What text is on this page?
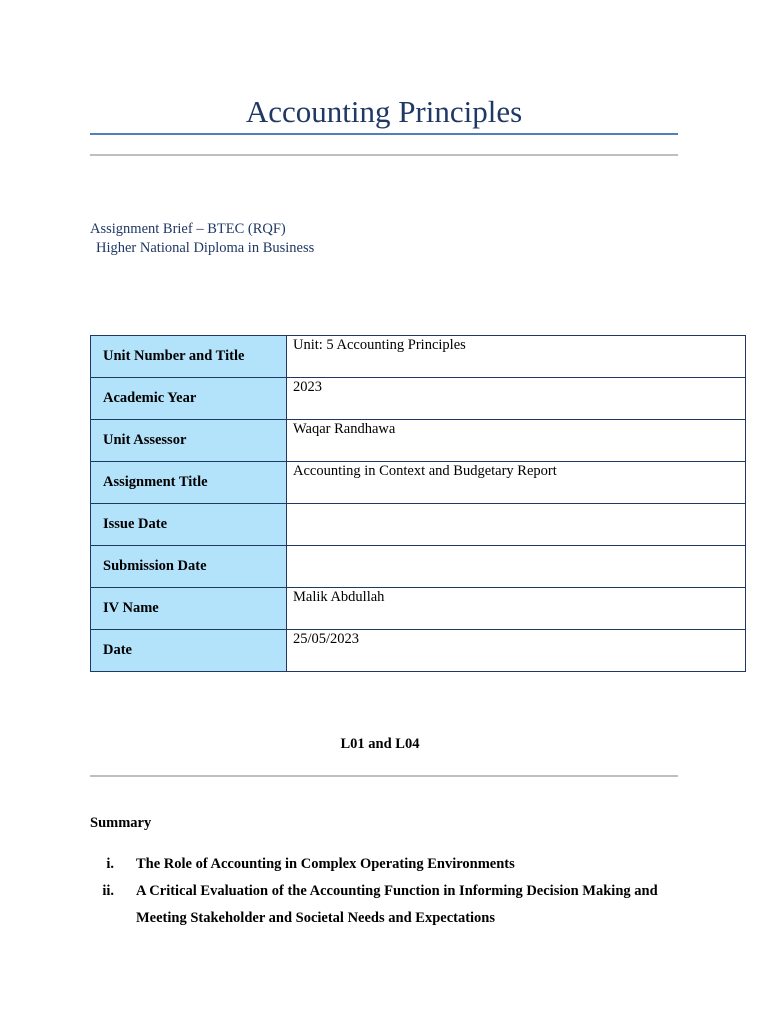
Accounting Principles
Assignment Brief – BTEC (RQF)
Higher National Diploma in Business
Unit Number and Title	Unit: 5 Accounting Principles
Academic Year	2023
Unit Assessor	Waqar Randhawa
Assignment Title	Accounting in Context and Budgetary Report
Issue Date	
Submission Date	
IV Name	Malik Abdullah
Date	25/05/2023
L01 and L04
Summary
i. The Role of Accounting in Complex Operating Environments
ii. A Critical Evaluation of the Accounting Function in Informing Decision Making and Meeting Stakeholder and Societal Needs and Expectations
